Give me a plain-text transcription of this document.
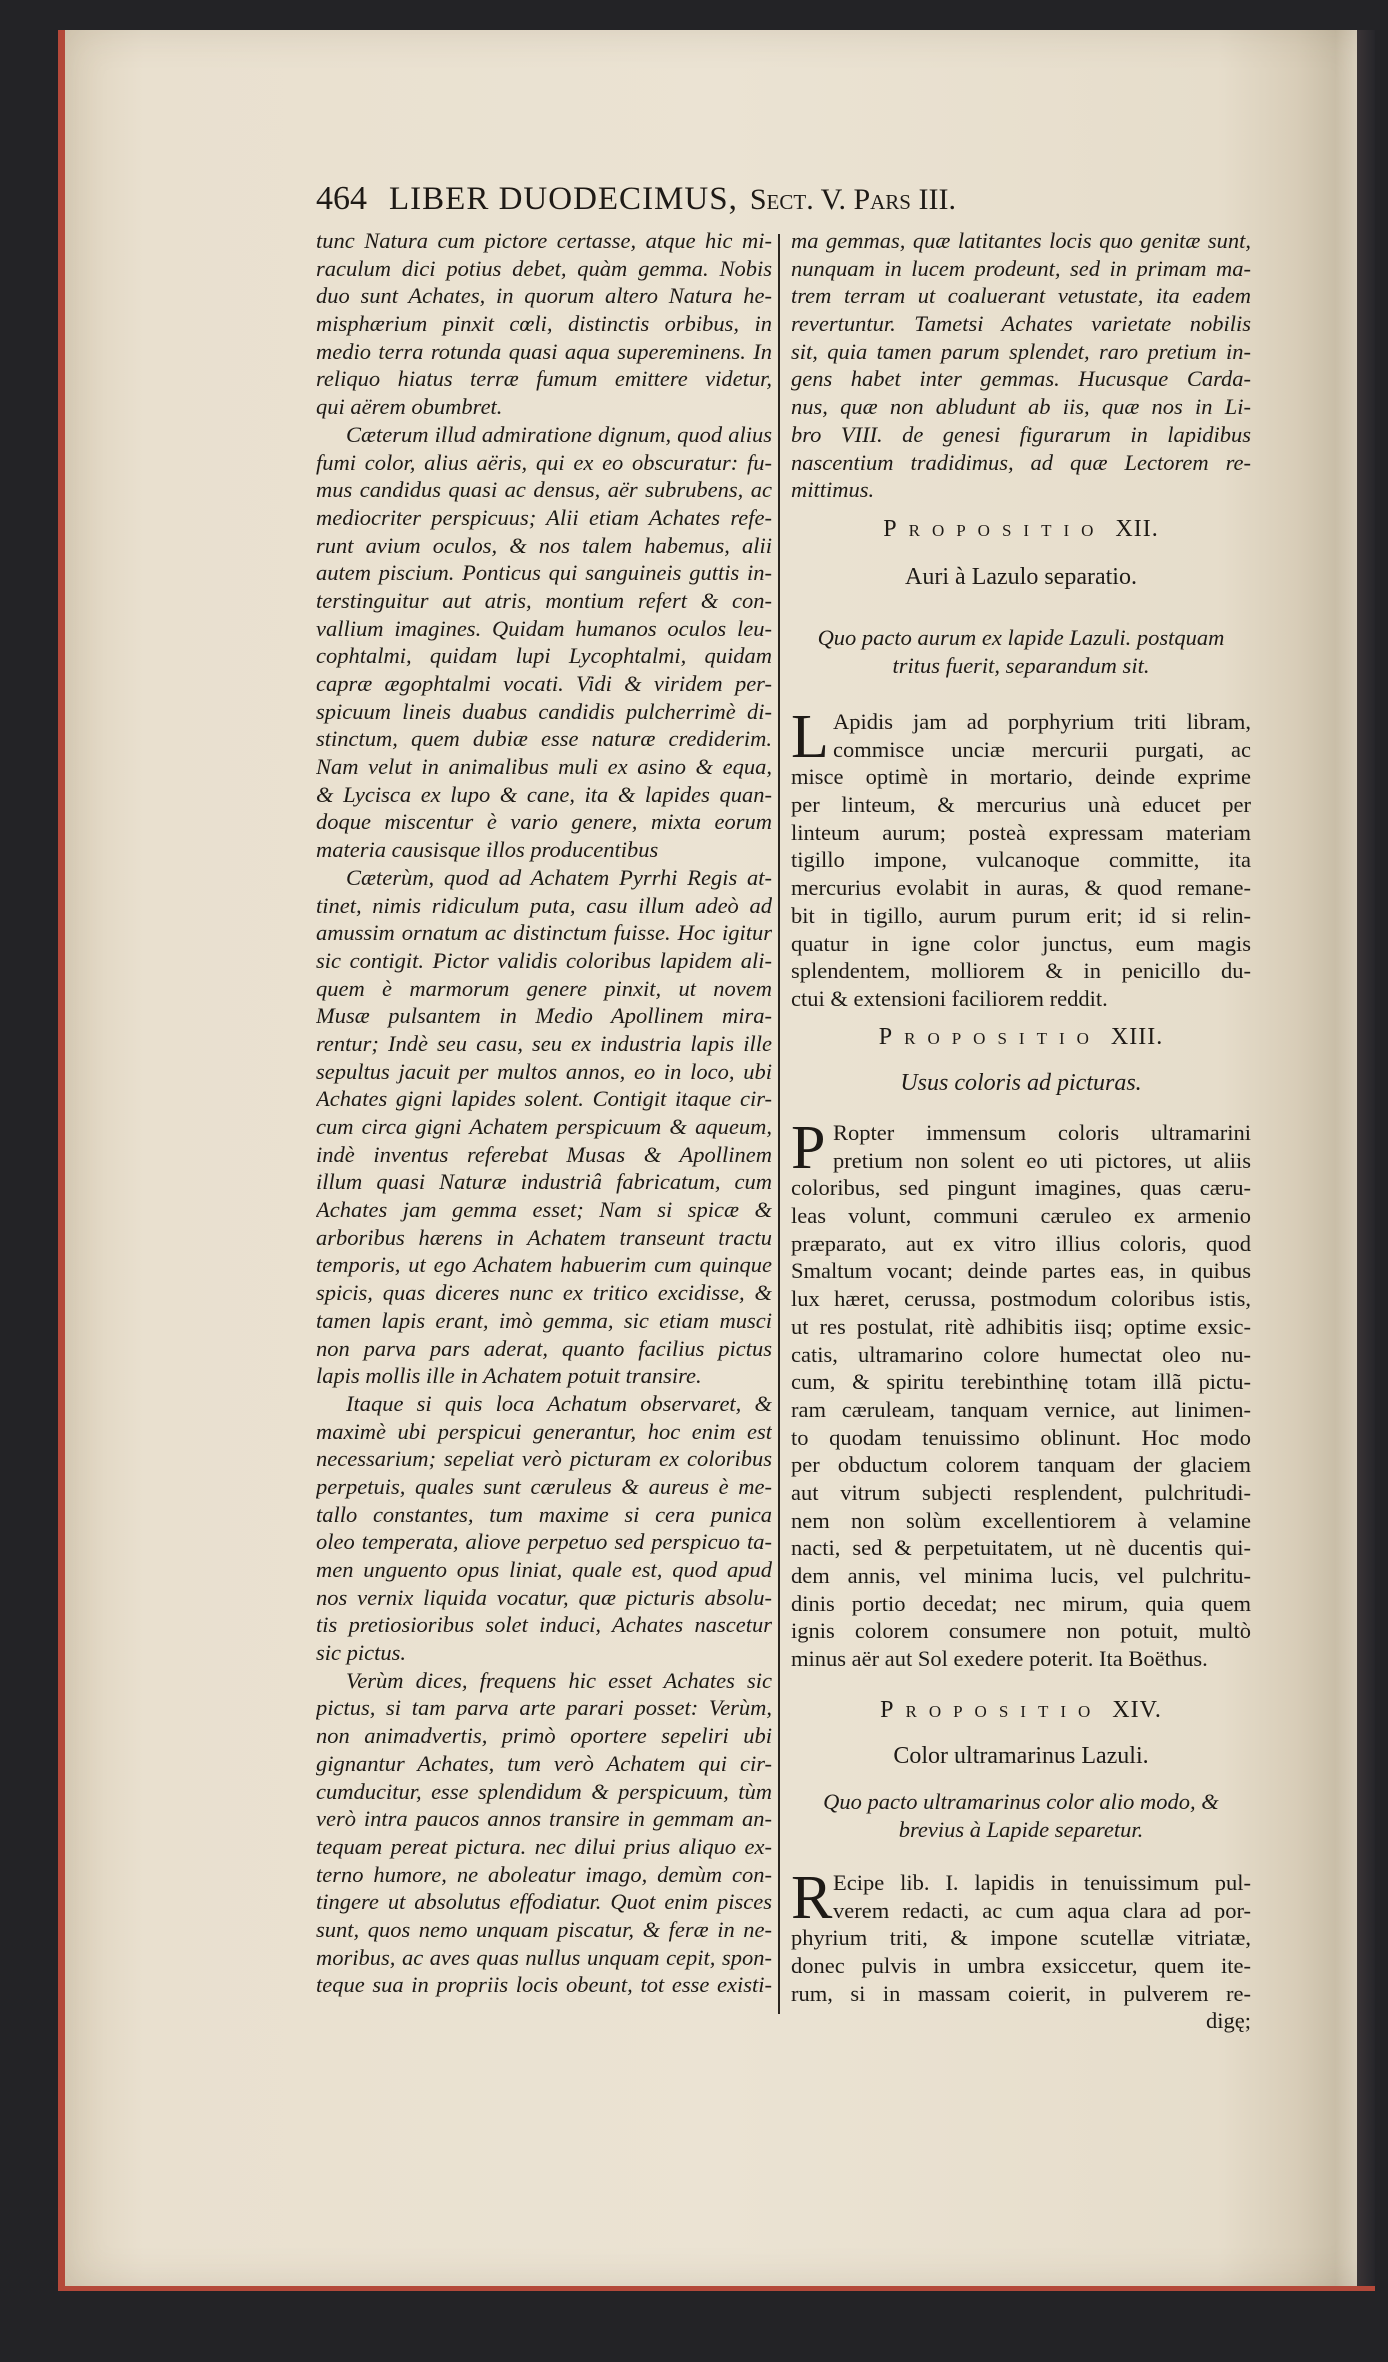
464 LIBER DUODECIMUS, Sect. V. Pars III.
tunc Natura cum pictore certasse, atque hic mi-
raculum dici potius debet, quàm gemma. Nobis
duo sunt Achates, in quorum altero Natura he-
misphærium pinxit cœli, distinctis orbibus, in
medio terra rotunda quasi aqua supereminens. In
reliquo hiatus terræ fumum emittere videtur,
qui aërem obumbret.
Cæterum illud admiratione dignum, quod alius
fumi color, alius aëris, qui ex eo obscuratur: fu-
mus candidus quasi ac densus, aër subrubens, ac
mediocriter perspicuus; Alii etiam Achates refe-
runt avium oculos, & nos talem habemus, alii
autem piscium. Ponticus qui sanguineis guttis in-
terstinguitur aut atris, montium refert & con-
vallium imagines. Quidam humanos oculos leu-
cophtalmi, quidam lupi Lycophtalmi, quidam
capræ ægophtalmi vocati. Vidi & viridem per-
spicuum lineis duabus candidis pulcherrimè di-
stinctum, quem dubiæ esse naturæ crediderim.
Nam velut in animalibus muli ex asino & equa,
& Lycisca ex lupo & cane, ita & lapides quan-
doque miscentur è vario genere, mixta eorum
materia causisque illos producentibus
Cæterùm, quod ad Achatem Pyrrhi Regis at-
tinet, nimis ridiculum puta, casu illum adeò ad
amussim ornatum ac distinctum fuisse. Hoc igitur
sic contigit. Pictor validis coloribus lapidem ali-
quem è marmorum genere pinxit, ut novem
Musæ pulsantem in Medio Apollinem mira-
rentur; Indè seu casu, seu ex industria lapis ille
sepultus jacuit per multos annos, eo in loco, ubi
Achates gigni lapides solent. Contigit itaque cir-
cum circa gigni Achatem perspicuum & aqueum,
indè inventus referebat Musas & Apollinem
illum quasi Naturæ industriâ fabricatum, cum
Achates jam gemma esset; Nam si spicæ &
arboribus hærens in Achatem transeunt tractu
temporis, ut ego Achatem habuerim cum quinque
spicis, quas diceres nunc ex tritico excidisse, &
tamen lapis erant, imò gemma, sic etiam musci
non parva pars aderat, quanto facilius pictus
lapis mollis ille in Achatem potuit transire.
Itaque si quis loca Achatum observaret, &
maximè ubi perspicui generantur, hoc enim est
necessarium; sepeliat verò picturam ex coloribus
perpetuis, quales sunt cæruleus & aureus è me-
tallo constantes, tum maxime si cera punica
oleo temperata, aliove perpetuo sed perspicuo ta-
men unguento opus liniat, quale est, quod apud
nos vernix liquida vocatur, quæ picturis absolu-
tis pretiosioribus solet induci, Achates nascetur
sic pictus.
Verùm dices, frequens hic esset Achates sic
pictus, si tam parva arte parari posset: Verùm,
non animadvertis, primò oportere sepeliri ubi
gignantur Achates, tum verò Achatem qui cir-
cumducitur, esse splendidum & perspicuum, tùm
verò intra paucos annos transire in gemmam an-
tequam pereat pictura. nec dilui prius aliquo ex-
terno humore, ne aboleatur imago, demùm con-
tingere ut absolutus effodiatur. Quot enim pisces
sunt, quos nemo unquam piscatur, & feræ in ne-
moribus, ac aves quas nullus unquam cepit, spon-
teque sua in propriis locis obeunt, tot esse existi-
ma gemmas, quæ latitantes locis quo genitæ sunt,
nunquam in lucem prodeunt, sed in primam ma-
trem terram ut coaluerant vetustate, ita eadem
revertuntur. Tametsi Achates varietate nobilis
sit, quia tamen parum splendet, raro pretium in-
gens habet inter gemmas. Hucusque Carda-
nus, quæ non abludunt ab iis, quæ nos in Li-
bro VIII. de genesi figurarum in lapidibus
nascentium tradidimus, ad quæ Lectorem re-
mittimus.
Propositio XII.
Auri à Lazulo separatio.
Quo pacto aurum ex lapide Lazuli. postquam
tritus fuerit, separandum sit.
L Apidis jam ad porphyrium triti libram,
commisce unciæ mercurii purgati, ac
misce optimè in mortario, deinde exprime
per linteum, & mercurius unà educet per
linteum aurum; posteà expressam materiam
tigillo impone, vulcanoque committe, ita
mercurius evolabit in auras, & quod remane-
bit in tigillo, aurum purum erit; id si relin-
quatur in igne color junctus, eum magis
splendentem, molliorem & in penicillo du-
ctui & extensioni faciliorem reddit.
Propositio XIII.
Usus coloris ad picturas.
P Ropter immensum coloris ultramarini
pretium non solent eo uti pictores, ut aliis
coloribus, sed pingunt imagines, quas cæru-
leas volunt, communi cæruleo ex armenio
præparato, aut ex vitro illius coloris, quod
Smaltum vocant; deinde partes eas, in quibus
lux hæret, cerussa, postmodum coloribus istis,
ut res postulat, ritè adhibitis iisq; optime exsic-
catis, ultramarino colore humectat oleo nu-
cum, & spiritu terebinthinę totam illã pictu-
ram cæruleam, tanquam vernice, aut linimen-
to quodam tenuissimo oblinunt. Hoc modo
per obductum colorem tanquam der glaciem
aut vitrum subjecti resplendent, pulchritudi-
nem non solùm excellentiorem à velamine
nacti, sed & perpetuitatem, ut nè ducentis qui-
dem annis, vel minima lucis, vel pulchritu-
dinis portio decedat; nec mirum, quia quem
ignis colorem consumere non potuit, multò
minus aër aut Sol exedere poterit. Ita Boëthus.
Propositio XIV.
Color ultramarinus Lazuli.
Quo pacto ultramarinus color alio modo, &
brevius à Lapide separetur.
R Ecipe lib. I. lapidis in tenuissimum pul-
verem redacti, ac cum aqua clara ad por-
phyrium triti, & impone scutellæ vitriatæ,
donec pulvis in umbra exsiccetur, quem ite-
rum, si in massam coierit, in pulverem re-
digę;
